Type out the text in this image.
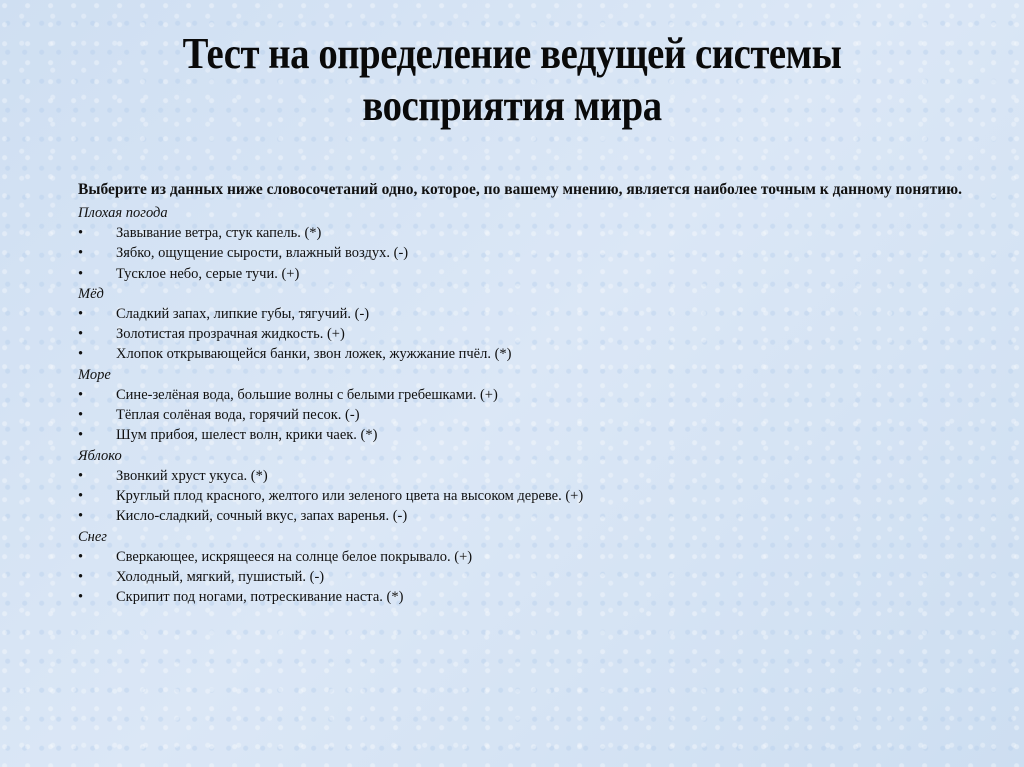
Тест на определение ведущей системы
восприятия мира
Выберите из данных ниже словосочетаний одно, которое, по вашему мнению, является наиболее точным к данному понятию.
Плохая погода
•	Завывание ветра, стук капель. (*)
•	Зябко, ощущение сырости, влажный воздух. (-)
•	Тусклое небо, серые тучи. (+)
Мёд
•	Сладкий запах, липкие губы, тягучий. (-)
•	Золотистая прозрачная жидкость. (+)
•	Хлопок открывающейся банки, звон ложек, жужжание пчёл. (*)
Море
•	Сине-зелёная вода, большие волны с белыми гребешками. (+)
•	Тёплая солёная вода, горячий песок. (-)
•	Шум прибоя, шелест волн, крики чаек. (*)
Яблоко
•	Звонкий хруст укуса. (*)
•	Круглый плод красного, желтого или зеленого цвета на высоком дереве. (+)
•	Кисло-сладкий, сочный вкус, запах варенья. (-)
Снег
•	Сверкающее, искрящееся на солнце белое покрывало. (+)
•	Холодный, мягкий, пушистый. (-)
•	Скрипит под ногами, потрескивание наста. (*)
